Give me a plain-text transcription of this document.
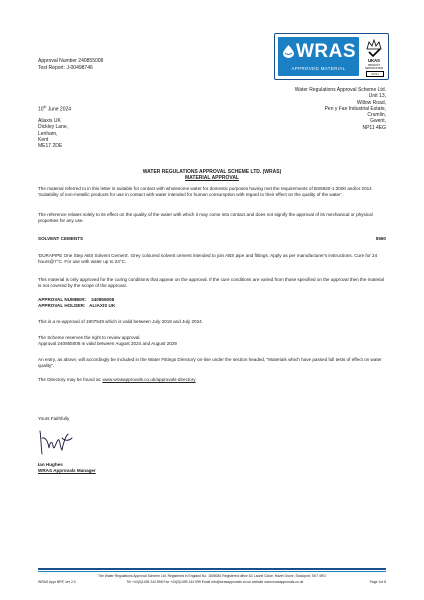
Approval Number 240855008
Test Report: J-00498746
WRAS
APPROVED MATERIAL
UKAS
PRODUCT CERTIFICATION
10711
Water Regulations Approval Scheme Ltd.
Unit 13,
Willow Road,
Pen y Fan Industrial Estate,
Crumlin,
Gwent,
NP11 4EG
10th June 2024
Aliaxis UK
Dickley Lane,
Lenham,
Kent
ME17 2DE
WATER REGULATIONS APPROVAL SCHEME LTD. (WRAS)
MATERIAL APPROVAL
The material referred to in this letter is suitable for contact with wholesome water for domestic purposes having met the requirements of BS6920-1:2000 and/or 2014 'Suitability of non-metallic products for use in contact with water intended for human consumption with regard to their effect on the quality of the water'.
The reference relates solely to its effect on the quality of the water with which it may come into contact and does not signify the approval of its mechanical or physical properties for any use.
SOLVENT CEMENTS	5560
'DURAPIPE One Step ABS Solvent Cement'. Grey coloured solvent cement intended to join ABS pipe and fittings. Apply as per manufacturer's instructions. Cure for 24 hours@7°C. For use with water up to 23°C.
This material is only approved for the curing conditions that appear on the approval. If the cure conditions are varied from those specified on the approval then the material is not covered by the scope of the approval.
APPROVAL NUMBER: 240855008
APPROVAL HOLDER: ALIAXIS UK
This is a re-approval of 1907549 which is valid between July 2019 and July 2024.
The Scheme reserves the right to review approval.
Approval 240855008 is valid between August 2024 and August 2029
An entry, as above, will accordingly be included in the Water Fittings Directory on-line under the section headed, "Materials which have passed full tests of effect on water quality".
The Directory may be found at: www.wrasapprovals.co.uk/approvals-directory
Yours Faithfully
Ian Hughes
WRAS Approvals Manager
The Water Regulations Approval Scheme Ltd. Registered in England No. 1805084 Registered office 4D Laurel Close, Hazel Grove, Stockport, SK7 4RG
WRAS Appr BRF, ver 2.0	Tel +44(0)1495 244 898 Fax +44(0)1495 244 999 Email info@wrasapprovals.co.uk website www.wrasapprovals.co.uk	Page 1of 8
